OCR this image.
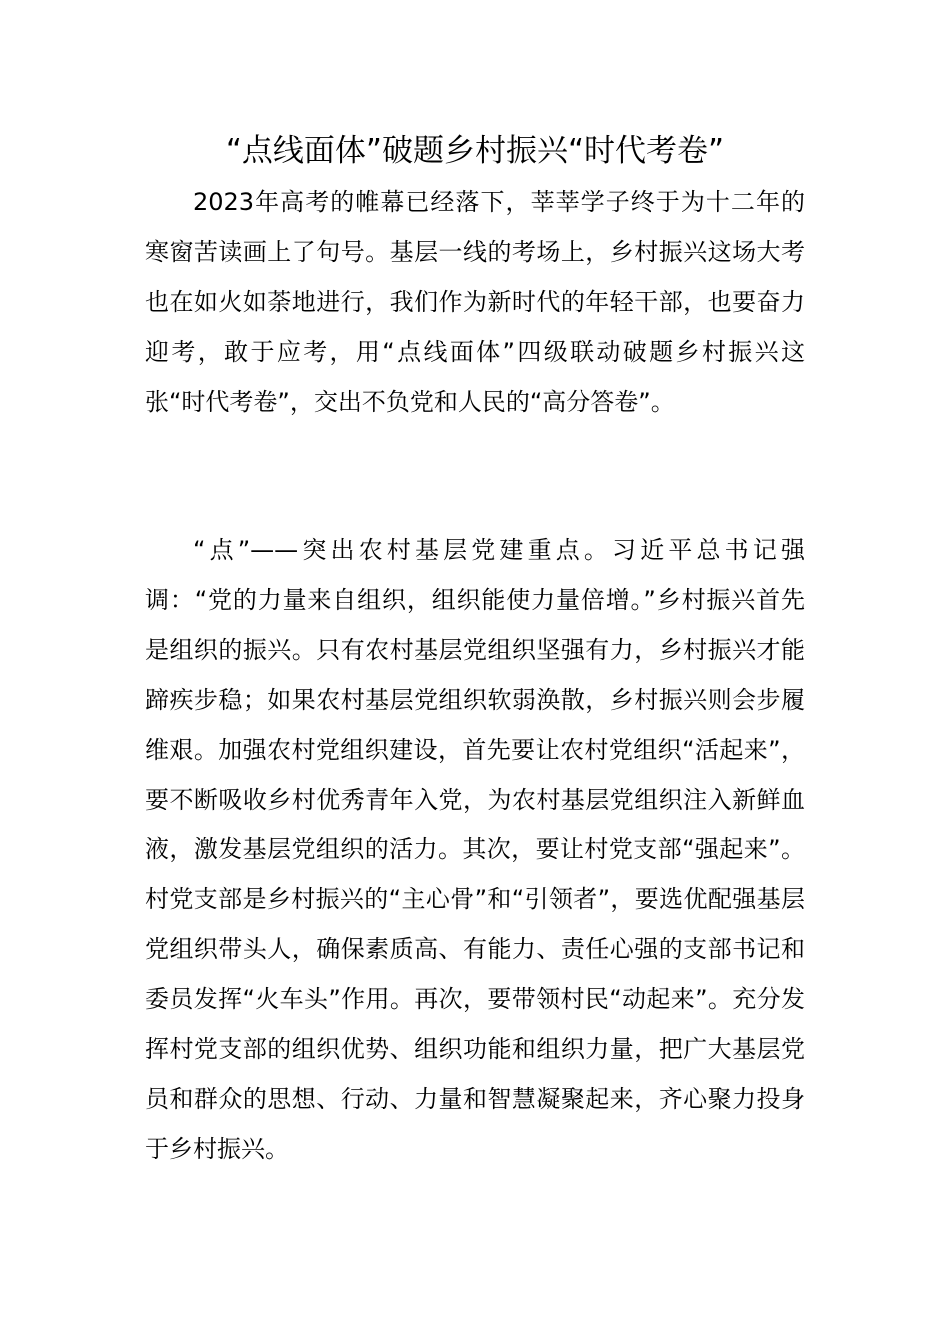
“点线面体”破题乡村振兴“时代考卷”

2023年高考的帷幕已经落下，莘莘学子终于为十二年的寒窗苦读画上了句号。基层一线的考场上，乡村振兴这场大考也在如火如荼地进行，我们作为新时代的年轻干部，也要奋力迎考，敢于应考，用“点线面体”四级联动破题乡村振兴这张“时代考卷”，交出不负党和人民的“高分答卷”。

“点”——突出农村基层党建重点。习近平总书记强调：“党的力量来自组织，组织能使力量倍增。”乡村振兴首先是组织的振兴。只有农村基层党组织坚强有力，乡村振兴才能蹄疾步稳；如果农村基层党组织软弱涣散，乡村振兴则会步履维艰。加强农村党组织建设，首先要让农村党组织“活起来”，要不断吸收乡村优秀青年入党，为农村基层党组织注入新鲜血液，激发基层党组织的活力。其次，要让村党支部“强起来”。村党支部是乡村振兴的“主心骨”和“引领者”，要选优配强基层党组织带头人，确保素质高、有能力、责任心强的支部书记和委员发挥“火车头”作用。再次，要带领村民“动起来”。充分发挥村党支部的组织优势、组织功能和组织力量，把广大基层党员和群众的思想、行动、力量和智慧凝聚起来，齐心聚力投身于乡村振兴。
